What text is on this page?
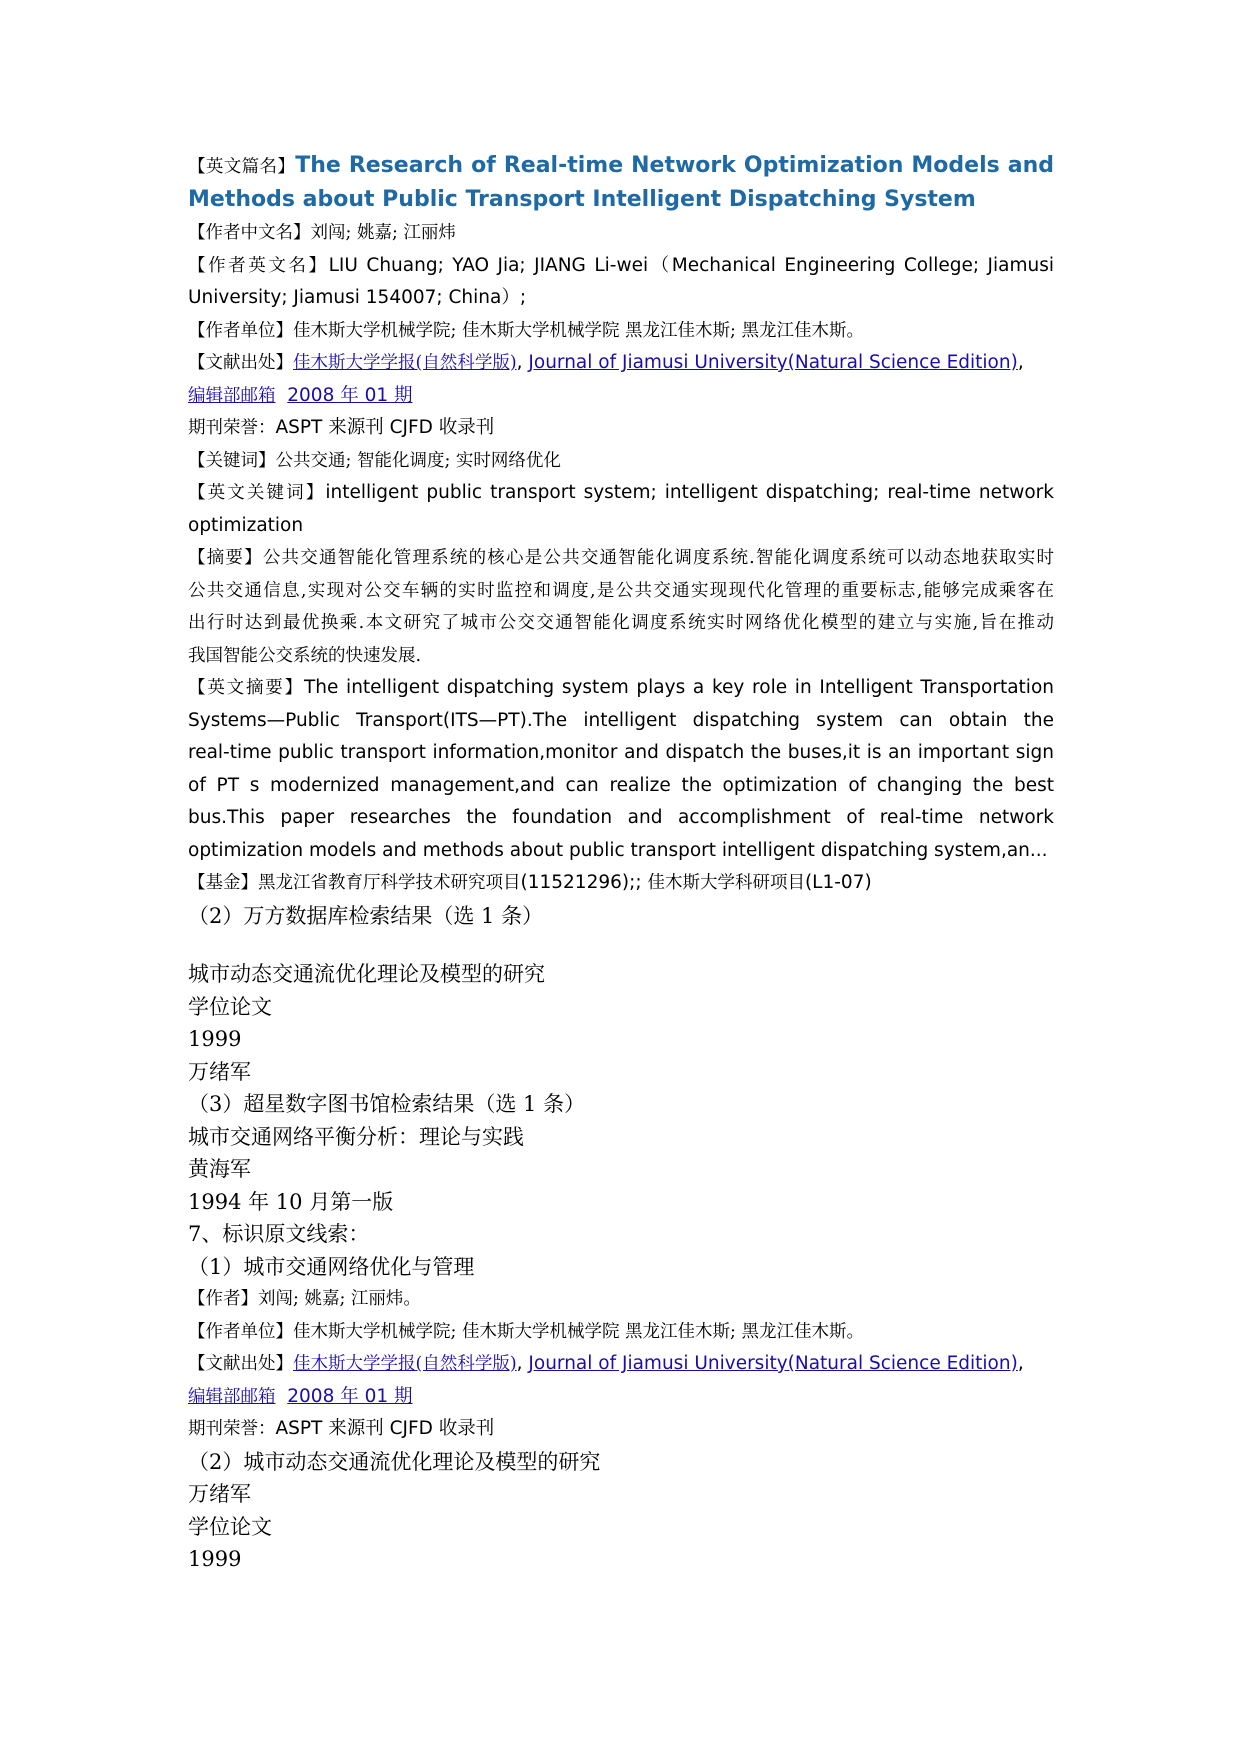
【英文篇名】The Research of Real-time Network Optimization Models and
Methods about Public Transport Intelligent Dispatching System
【作者中文名】刘闯; 姚嘉; 江丽炜
【作者英文名】LIU Chuang; YAO Jia; JIANG Li-wei（Mechanical Engineering College; Jiamusi
University; Jiamusi 154007; China）;
【作者单位】佳木斯大学机械学院; 佳木斯大学机械学院 黑龙江佳木斯; 黑龙江佳木斯。
【文献出处】佳木斯大学学报(自然科学版), Journal of Jiamusi University(Natural Science Edition),
编辑部邮箱 2008 年 01 期
期刊荣誉：ASPT 来源刊 CJFD 收录刊
【关键词】公共交通; 智能化调度; 实时网络优化
【英文关键词】intelligent public transport system; intelligent dispatching; real-time network
optimization
【摘要】公共交通智能化管理系统的核心是公共交通智能化调度系统.智能化调度系统可以动态地获取实时
公共交通信息,实现对公交车辆的实时监控和调度,是公共交通实现现代化管理的重要标志,能够完成乘客在
出行时达到最优换乘.本文研究了城市公交交通智能化调度系统实时网络优化模型的建立与实施,旨在推动
我国智能公交系统的快速发展.
【英文摘要】The intelligent dispatching system plays a key role in Intelligent Transportation
Systems—Public Transport(ITS—PT).The intelligent dispatching system can obtain the
real-time public transport information,monitor and dispatch the buses,it is an important sign
of PT s modernized management,and can realize the optimization of changing the best
bus.This paper researches the foundation and accomplishment of real-time network
optimization models and methods about public transport intelligent dispatching system,an...
【基金】黑龙江省教育厅科学技术研究项目(11521296);; 佳木斯大学科研项目(L1-07)
（2）万方数据库检索结果（选 1 条）
城市动态交通流优化理论及模型的研究
学位论文
1999
万绪军
（3）超星数字图书馆检索结果（选 1 条）
城市交通网络平衡分析：理论与实践
黄海军
1994 年 10 月第一版
7、标识原文线索：
（1）城市交通网络优化与管理
【作者】刘闯; 姚嘉; 江丽炜。
【作者单位】佳木斯大学机械学院; 佳木斯大学机械学院 黑龙江佳木斯; 黑龙江佳木斯。
【文献出处】佳木斯大学学报(自然科学版), Journal of Jiamusi University(Natural Science Edition),
编辑部邮箱 2008 年 01 期
期刊荣誉：ASPT 来源刊 CJFD 收录刊
（2）城市动态交通流优化理论及模型的研究
万绪军
学位论文
1999
